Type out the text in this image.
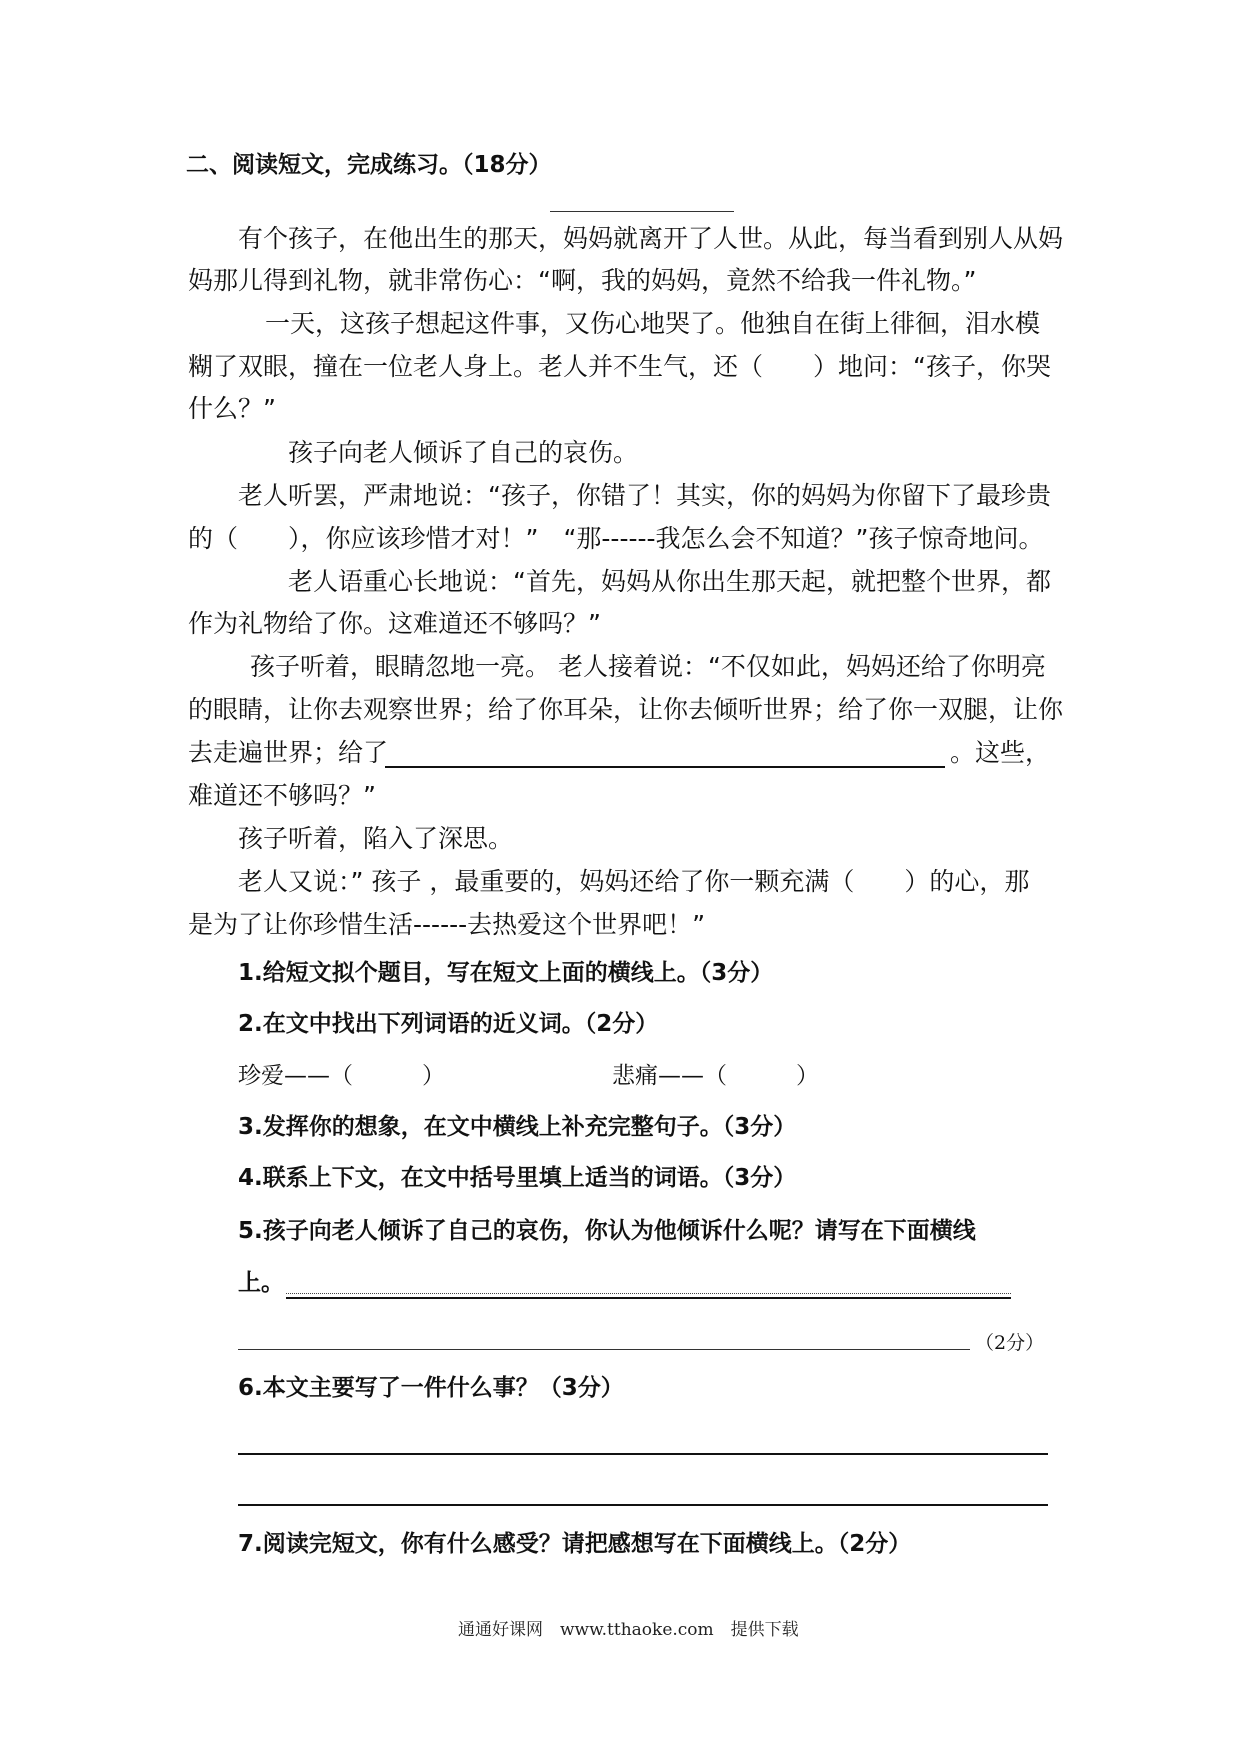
二、阅读短文，完成练习。（18分）
有个孩子，在他出生的那天，妈妈就离开了人世。从此，每当看到别人从妈
妈那儿得到礼物，就非常伤心：“啊，我的妈妈，竟然不给我一件礼物。”
一天，这孩子想起这件事，又伤心地哭了。他独自在街上徘徊，泪水模
糊了双眼，撞在一位老人身上。老人并不生气，还（　　）地问：“孩子，你哭
什么？”
孩子向老人倾诉了自己的哀伤。
老人听罢，严肃地说：“孩子，你错了！其实，你的妈妈为你留下了最珍贵
的（　　），你应该珍惜才对！”　“那------我怎么会不知道？”孩子惊奇地问。
老人语重心长地说：“首先，妈妈从你出生那天起，就把整个世界，都
作为礼物给了你。这难道还不够吗？”
孩子听着，眼睛忽地一亮。 老人接着说：“不仅如此，妈妈还给了你明亮
的眼睛，让你去观察世界；给了你耳朵，让你去倾听世界；给了你一双腿，让你
去走遍世界；给了	。这些，
难道还不够吗？”
孩子听着，陷入了深思。
老人又说：” 孩子 ，最重要的，妈妈还给了你一颗充满（　　）的心，那
是为了让你珍惜生活------去热爱这个世界吧！”
1.给短文拟个题目，写在短文上面的横线上。（3分）
2.在文中找出下列词语的近义词。（2分）
珍爱——（　　　）	悲痛——（　　　）
3.发挥你的想象，在文中横线上补充完整句子。（3分）
4.联系上下文，在文中括号里填上适当的词语。（3分）
5.孩子向老人倾诉了自己的哀伤，你认为他倾诉什么呢？请写在下面横线
上。
（2分）
6.本文主要写了一件什么事？（3分）
7.阅读完短文，你有什么感受？请把感想写在下面横线上。（2分）
通通好课网　www.tthaoke.com　提供下载
